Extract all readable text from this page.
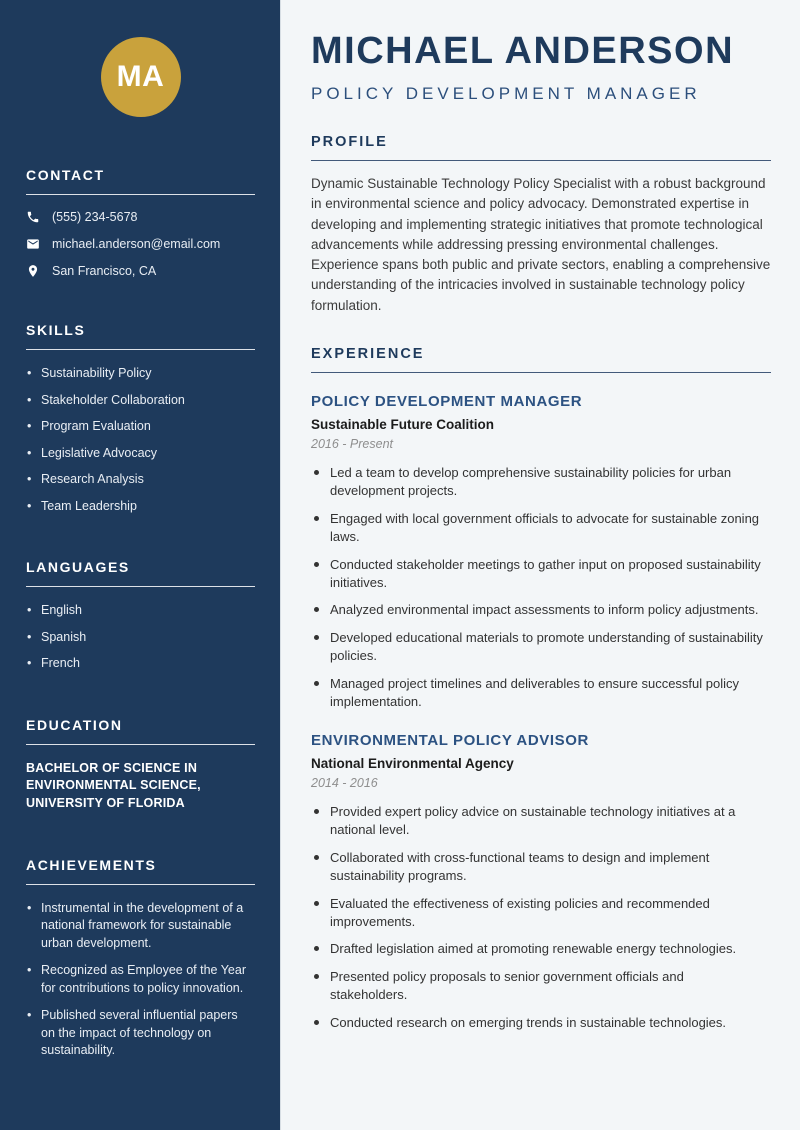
MA
CONTACT
(555) 234-5678
michael.anderson@email.com
San Francisco, CA
SKILLS
• Sustainability Policy
• Stakeholder Collaboration
• Program Evaluation
• Legislative Advocacy
• Research Analysis
• Team Leadership
LANGUAGES
• English
• Spanish
• French
EDUCATION

BACHELOR OF SCIENCE IN ENVIRONMENTAL SCIENCE, UNIVERSITY OF FLORIDA

ACHIEVEMENTS
• Instrumental in the development of a national framework for sustainable urban development.
• Recognized as Employee of the Year for contributions to policy innovation.
• Published several influential papers on the impact of technology on sustainability.
MICHAEL ANDERSON
POLICY DEVELOPMENT MANAGER
PROFILE

Dynamic Sustainable Technology Policy Specialist with a robust background in environmental science and policy advocacy. Demonstrated expertise in developing and implementing strategic initiatives that promote technological advancements while addressing pressing environmental challenges. Experience spans both public and private sectors, enabling a comprehensive understanding of the intricacies involved in sustainable technology policy formulation.

EXPERIENCE
POLICY DEVELOPMENT MANAGER
Sustainable Future Coalition
2016 - Present
Led a team to develop comprehensive sustainability policies for urban development projects.
Engaged with local government officials to advocate for sustainable zoning laws.
Conducted stakeholder meetings to gather input on proposed sustainability initiatives.
Analyzed environmental impact assessments to inform policy adjustments.
Developed educational materials to promote understanding of sustainability policies.
Managed project timelines and deliverables to ensure successful policy implementation.
ENVIRONMENTAL POLICY ADVISOR
National Environmental Agency
2014 - 2016
Provided expert policy advice on sustainable technology initiatives at a national level.
Collaborated with cross-functional teams to design and implement sustainability programs.
Evaluated the effectiveness of existing policies and recommended improvements.
Drafted legislation aimed at promoting renewable energy technologies.
Presented policy proposals to senior government officials and stakeholders.
Conducted research on emerging trends in sustainable technologies.
